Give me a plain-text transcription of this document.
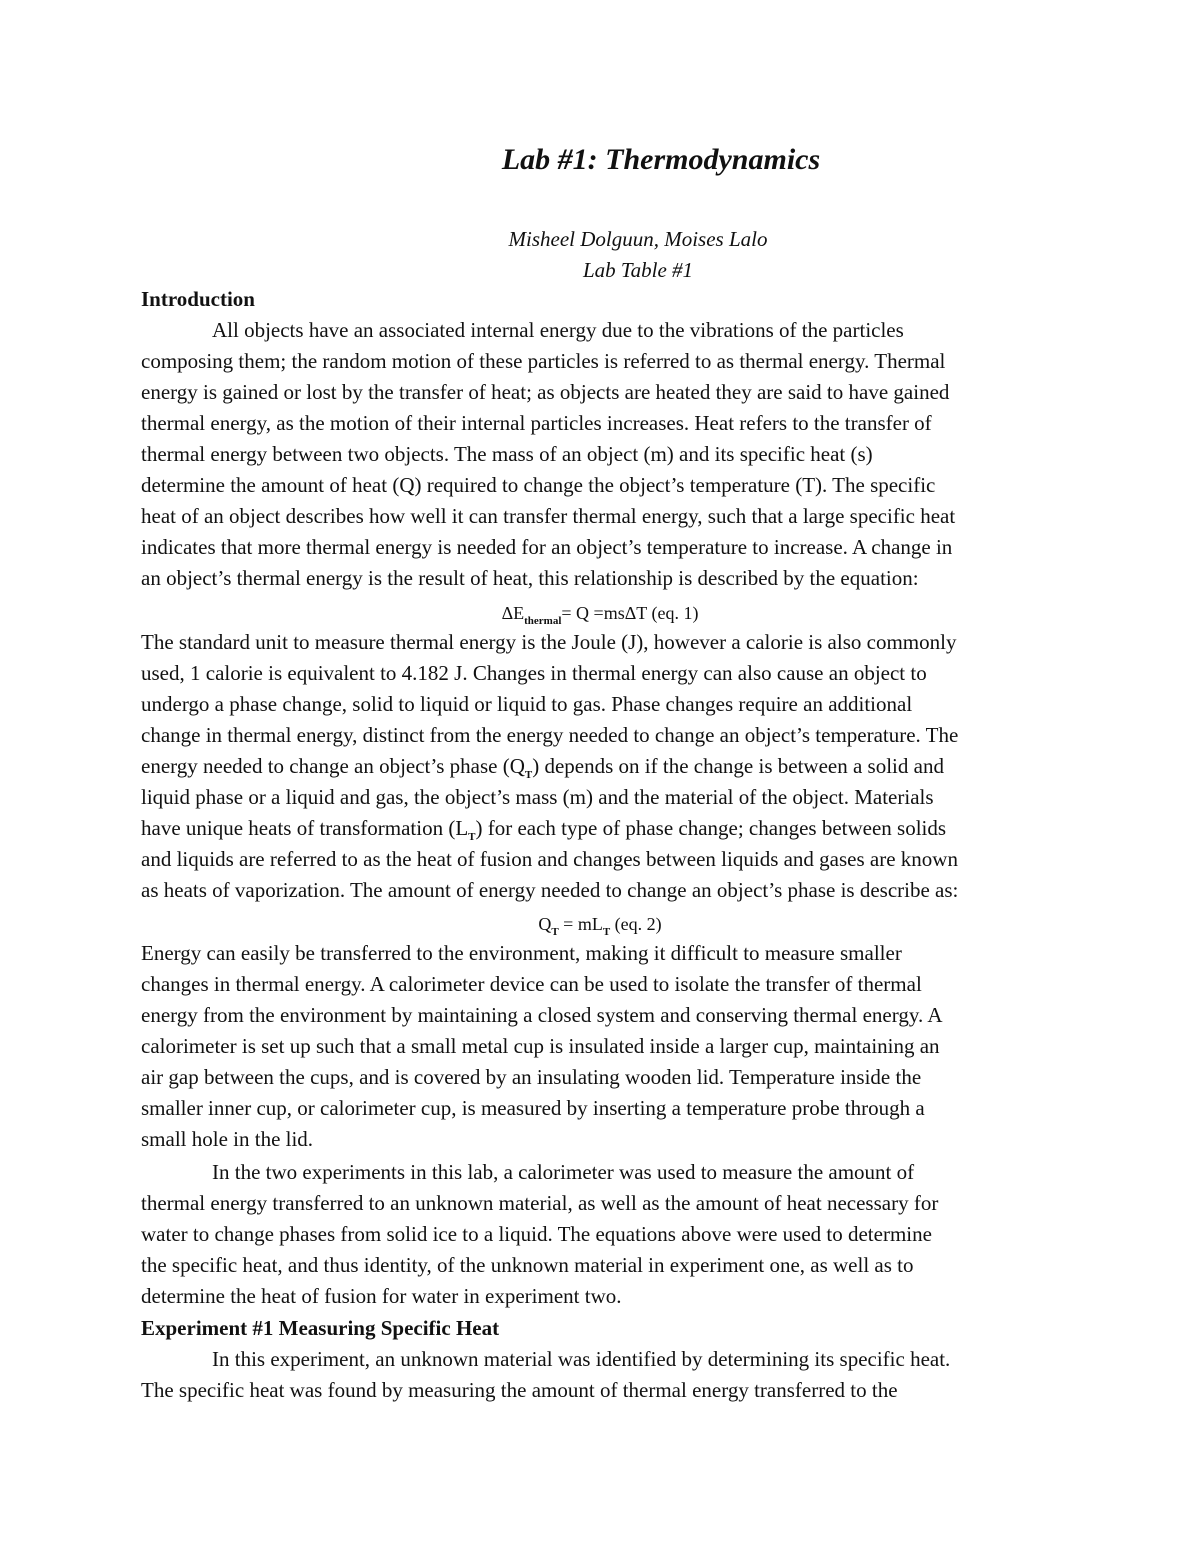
Lab #1: Thermodynamics
Misheel Dolguun, Moises Lalo
Lab Table #1
Introduction
All objects have an associated internal energy due to the vibrations of the particles
composing them; the random motion of these particles is referred to as thermal energy. Thermal
energy is gained or lost by the transfer of heat; as objects are heated they are said to have gained
thermal energy, as the motion of their internal particles increases. Heat refers to the transfer of
thermal energy between two objects. The mass of an object (m) and its specific heat (s)
determine the amount of heat (Q) required to change the object’s temperature (T). The specific
heat of an object describes how well it can transfer thermal energy, such that a large specific heat
indicates that more thermal energy is needed for an object’s temperature to increase. A change in
an object’s thermal energy is the result of heat, this relationship is described by the equation:
$\Delta E_{thermal}= Q =ms\Delta T$ (eq. 1)
The standard unit to measure thermal energy is the Joule (J), however a calorie is also commonly
used, 1 calorie is equivalent to 4.182 J. Changes in thermal energy can also cause an object to
undergo a phase change, solid to liquid or liquid to gas. Phase changes require an additional
change in thermal energy, distinct from the energy needed to change an object’s temperature. The
energy needed to change an object’s phase $(Q_T)$ depends on if the change is between a solid and
liquid phase or a liquid and gas, the object’s mass (m) and the material of the object. Materials
have unique heats of transformation $(L_T)$ for each type of phase change; changes between solids
and liquids are referred to as the heat of fusion and changes between liquids and gases are known
as heats of vaporization. The amount of energy needed to change an object’s phase is describe as:
$Q_T = mL_T$ (eq. 2)
Energy can easily be transferred to the environment, making it difficult to measure smaller
changes in thermal energy. A calorimeter device can be used to isolate the transfer of thermal
energy from the environment by maintaining a closed system and conserving thermal energy. A
calorimeter is set up such that a small metal cup is insulated inside a larger cup, maintaining an
air gap between the cups, and is covered by an insulating wooden lid. Temperature inside the
smaller inner cup, or calorimeter cup, is measured by inserting a temperature probe through a
small hole in the lid.
In the two experiments in this lab, a calorimeter was used to measure the amount of
thermal energy transferred to an unknown material, as well as the amount of heat necessary for
water to change phases from solid ice to a liquid. The equations above were used to determine
the specific heat, and thus identity, of the unknown material in experiment one, as well as to
determine the heat of fusion for water in experiment two.
Experiment #1 Measuring Specific Heat
In this experiment, an unknown material was identified by determining its specific heat.
The specific heat was found by measuring the amount of thermal energy transferred to the
